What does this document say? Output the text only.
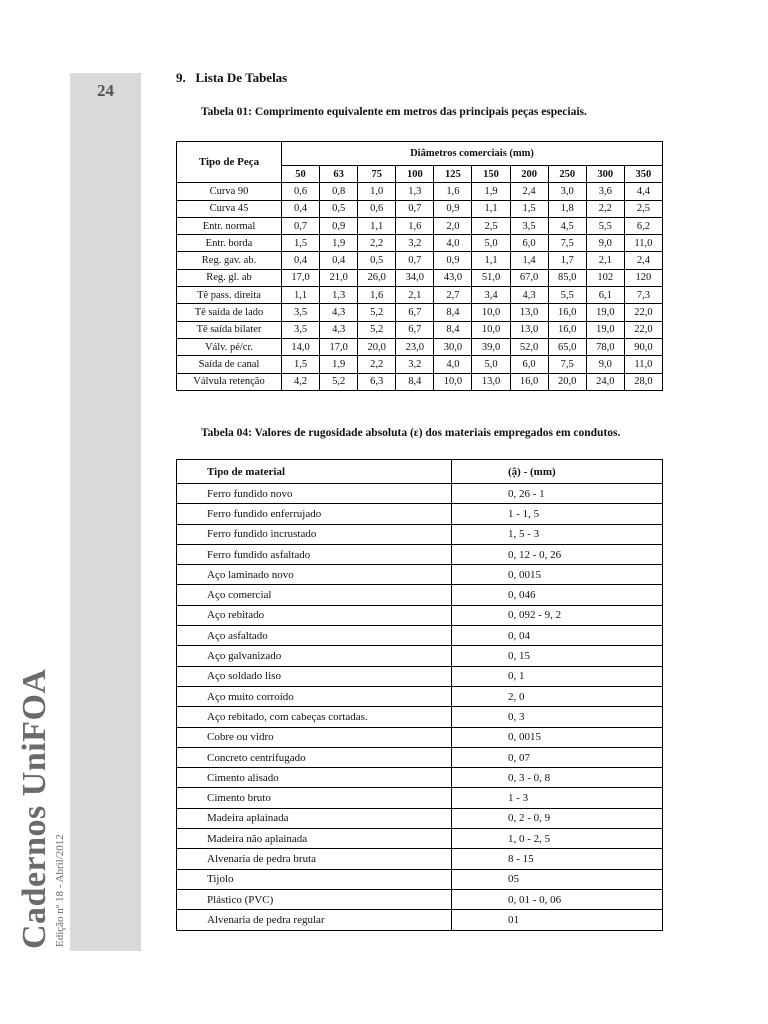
24
Cadernos UniFOA Edição nº 18 - Abril/2012
9. Lista De Tabelas
Tabela 01: Comprimento equivalente em metros das principais peças especiais.
Tipo de Peça	Diâmetros comerciais (mm)									
	50	63	75	100	125	150	200	250	300	350
Curva 90	0,6	0,8	1,0	1,3	1,6	1,9	2,4	3,0	3,6	4,4
Curva 45	0,4	0,5	0,6	0,7	0,9	1,1	1,5	1,8	2,2	2,5
Entr. normal	0,7	0,9	1,1	1,6	2,0	2,5	3,5	4,5	5,5	6,2
Entr. borda	1,5	1,9	2,2	3,2	4,0	5,0	6,0	7,5	9,0	11,0
Reg. gav. ab.	0,4	0,4	0,5	0,7	0,9	1,1	1,4	1,7	2,1	2,4
Reg. gl. ab	17,0	21,0	26,0	34,0	43,0	51,0	67,0	85,0	102	120
Tê pass. direita	1,1	1,3	1,6	2,1	2,7	3,4	4,3	5,5	6,1	7,3
Tê saída de lado	3,5	4,3	5,2	6,7	8,4	10,0	13,0	16,0	19,0	22,0
Tê saída bilater	3,5	4,3	5,2	6,7	8,4	10,0	13,0	16,0	19,0	22,0
Válv. pé/cr.	14,0	17,0	20,0	23,0	30,0	39,0	52,0	65,0	78,0	90,0
Saída de canal	1,5	1,9	2,2	3,2	4,0	5,0	6,0	7,5	9,0	11,0
Válvula retenção	4,2	5,2	6,3	8,4	10,0	13,0	16,0	20,0	24,0	28,0
Tabela 04: Valores de rugosidade absoluta (ε) dos materiais empregados em condutos.
Tipo de material	(ậ) - (mm)
Ferro fundido novo	0, 26 - 1
Ferro fundido enferrujado	1 - 1, 5
Ferro fundido incrustado	1, 5 - 3
Ferro fundido asfaltado	0, 12 - 0, 26
Aço laminado novo	0, 0015
Aço comercial	0, 046
Aço rebitado	0, 092 - 9, 2
Aço asfaltado	0, 04
Aço galvanizado	0, 15
Aço soldado liso	0, 1
Aço muito corroído	2, 0
Aço rebitado, com cabeças cortadas.	0, 3
Cobre ou vidro	0, 0015
Concreto centrifugado	0, 07
Cimento alisado	0, 3 - 0, 8
Cimento bruto	1 - 3
Madeira aplainada	0, 2 - 0, 9
Madeira não aplainada	1, 0 - 2, 5
Alvenaria de pedra bruta	8 - 15
Tijolo	05
Plástico (PVC)	0, 01 - 0, 06
Alvenaria de pedra regular	01
